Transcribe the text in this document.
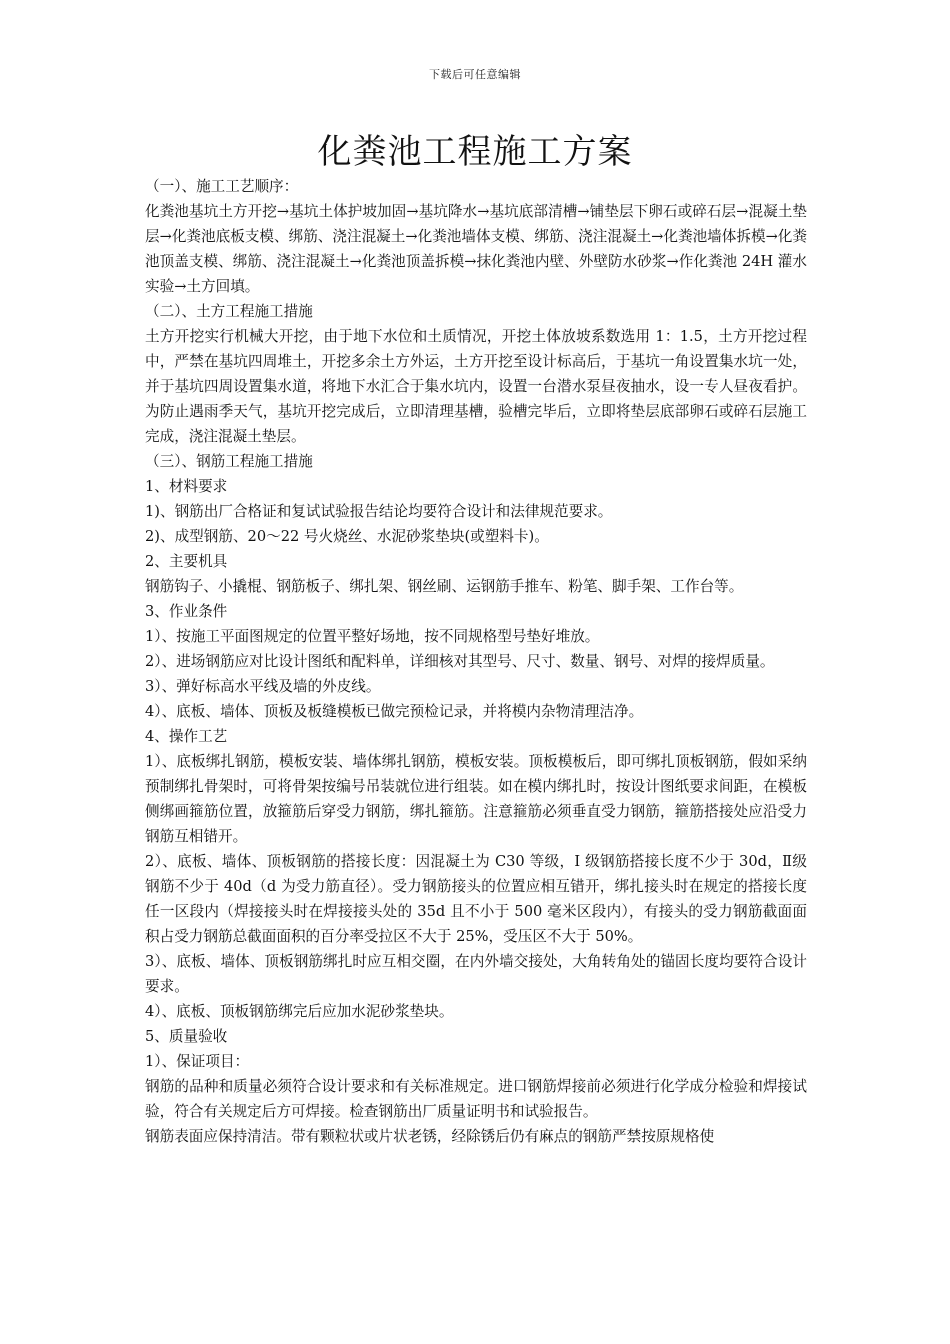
下载后可任意编辑
化粪池工程施工方案

（一）、施工工艺顺序：

化粪池基坑土方开挖→基坑土体护坡加固→基坑降水→基坑底部清槽→铺垫层下卵石或碎石层→混凝土垫层→化粪池底板支模、绑筋、浇注混凝土→化粪池墙体支模、绑筋、浇注混凝土→化粪池墙体拆模→化粪池顶盖支模、绑筋、浇注混凝土→化粪池顶盖拆模→抹化粪池内壁、外壁防水砂浆→作化粪池 24H 灌水实验→土方回填。

（二）、土方工程施工措施

土方开挖实行机械大开挖，由于地下水位和土质情况，开挖土体放坡系数选用 1：1.5，土方开挖过程中，严禁在基坑四周堆土，开挖多余土方外运，土方开挖至设计标高后，于基坑一角设置集水坑一处，并于基坑四周设置集水道，将地下水汇合于集水坑内，设置一台潜水泵昼夜抽水，设一专人昼夜看护。为防止遇雨季天气，基坑开挖完成后，立即清理基槽，验槽完毕后，立即将垫层底部卵石或碎石层施工完成，浇注混凝土垫层。

（三）、钢筋工程施工措施

1、材料要求

1)、钢筋出厂合格证和复试试验报告结论均要符合设计和法律规范要求。

2)、成型钢筋、20～22 号火烧丝、水泥砂浆垫块(或塑料卡)。

2、主要机具

钢筋钩子、小撬棍、钢筋板子、绑扎架、钢丝刷、运钢筋手推车、粉笔、脚手架、工作台等。

3、作业条件

1）、按施工平面图规定的位置平整好场地，按不同规格型号垫好堆放。

2）、进场钢筋应对比设计图纸和配料单，详细核对其型号、尺寸、数量、钢号、对焊的接焊质量。

3）、弹好标高水平线及墙的外皮线。

4）、底板、墙体、顶板及板缝模板已做完预检记录，并将模内杂物清理洁净。

4、操作工艺

1）、底板绑扎钢筋，模板安装、墙体绑扎钢筋，模板安装。顶板模板后，即可绑扎顶板钢筋，假如采纳预制绑扎骨架时，可将骨架按编号吊装就位进行组装。如在模内绑扎时，按设计图纸要求间距，在模板侧绑画箍筋位置，放箍筋后穿受力钢筋，绑扎箍筋。注意箍筋必须垂直受力钢筋，箍筋搭接处应沿受力钢筋互相错开。

2）、底板、墙体、顶板钢筋的搭接长度：因混凝土为 C30 等级，I 级钢筋搭接长度不少于 30d，Ⅱ级钢筋不少于 40d（d 为受力筋直径）。受力钢筋接头的位置应相互错开，绑扎接头时在规定的搭接长度任一区段内（焊接接头时在焊接接头处的 35d 且不小于 500 毫米区段内），有接头的受力钢筋截面面积占受力钢筋总截面面积的百分率受拉区不大于 25%，受压区不大于 50%。

3）、底板、墙体、顶板钢筋绑扎时应互相交圈，在内外墙交接处，大角转角处的锚固长度均要符合设计要求。

4）、底板、顶板钢筋绑完后应加水泥砂浆垫块。

5、质量验收

1）、保证项目：

钢筋的品种和质量必须符合设计要求和有关标准规定。进口钢筋焊接前必须进行化学成分检验和焊接试验，符合有关规定后方可焊接。检查钢筋出厂质量证明书和试验报告。

钢筋表面应保持清洁。带有颗粒状或片状老锈，经除锈后仍有麻点的钢筋严禁按原规格使
